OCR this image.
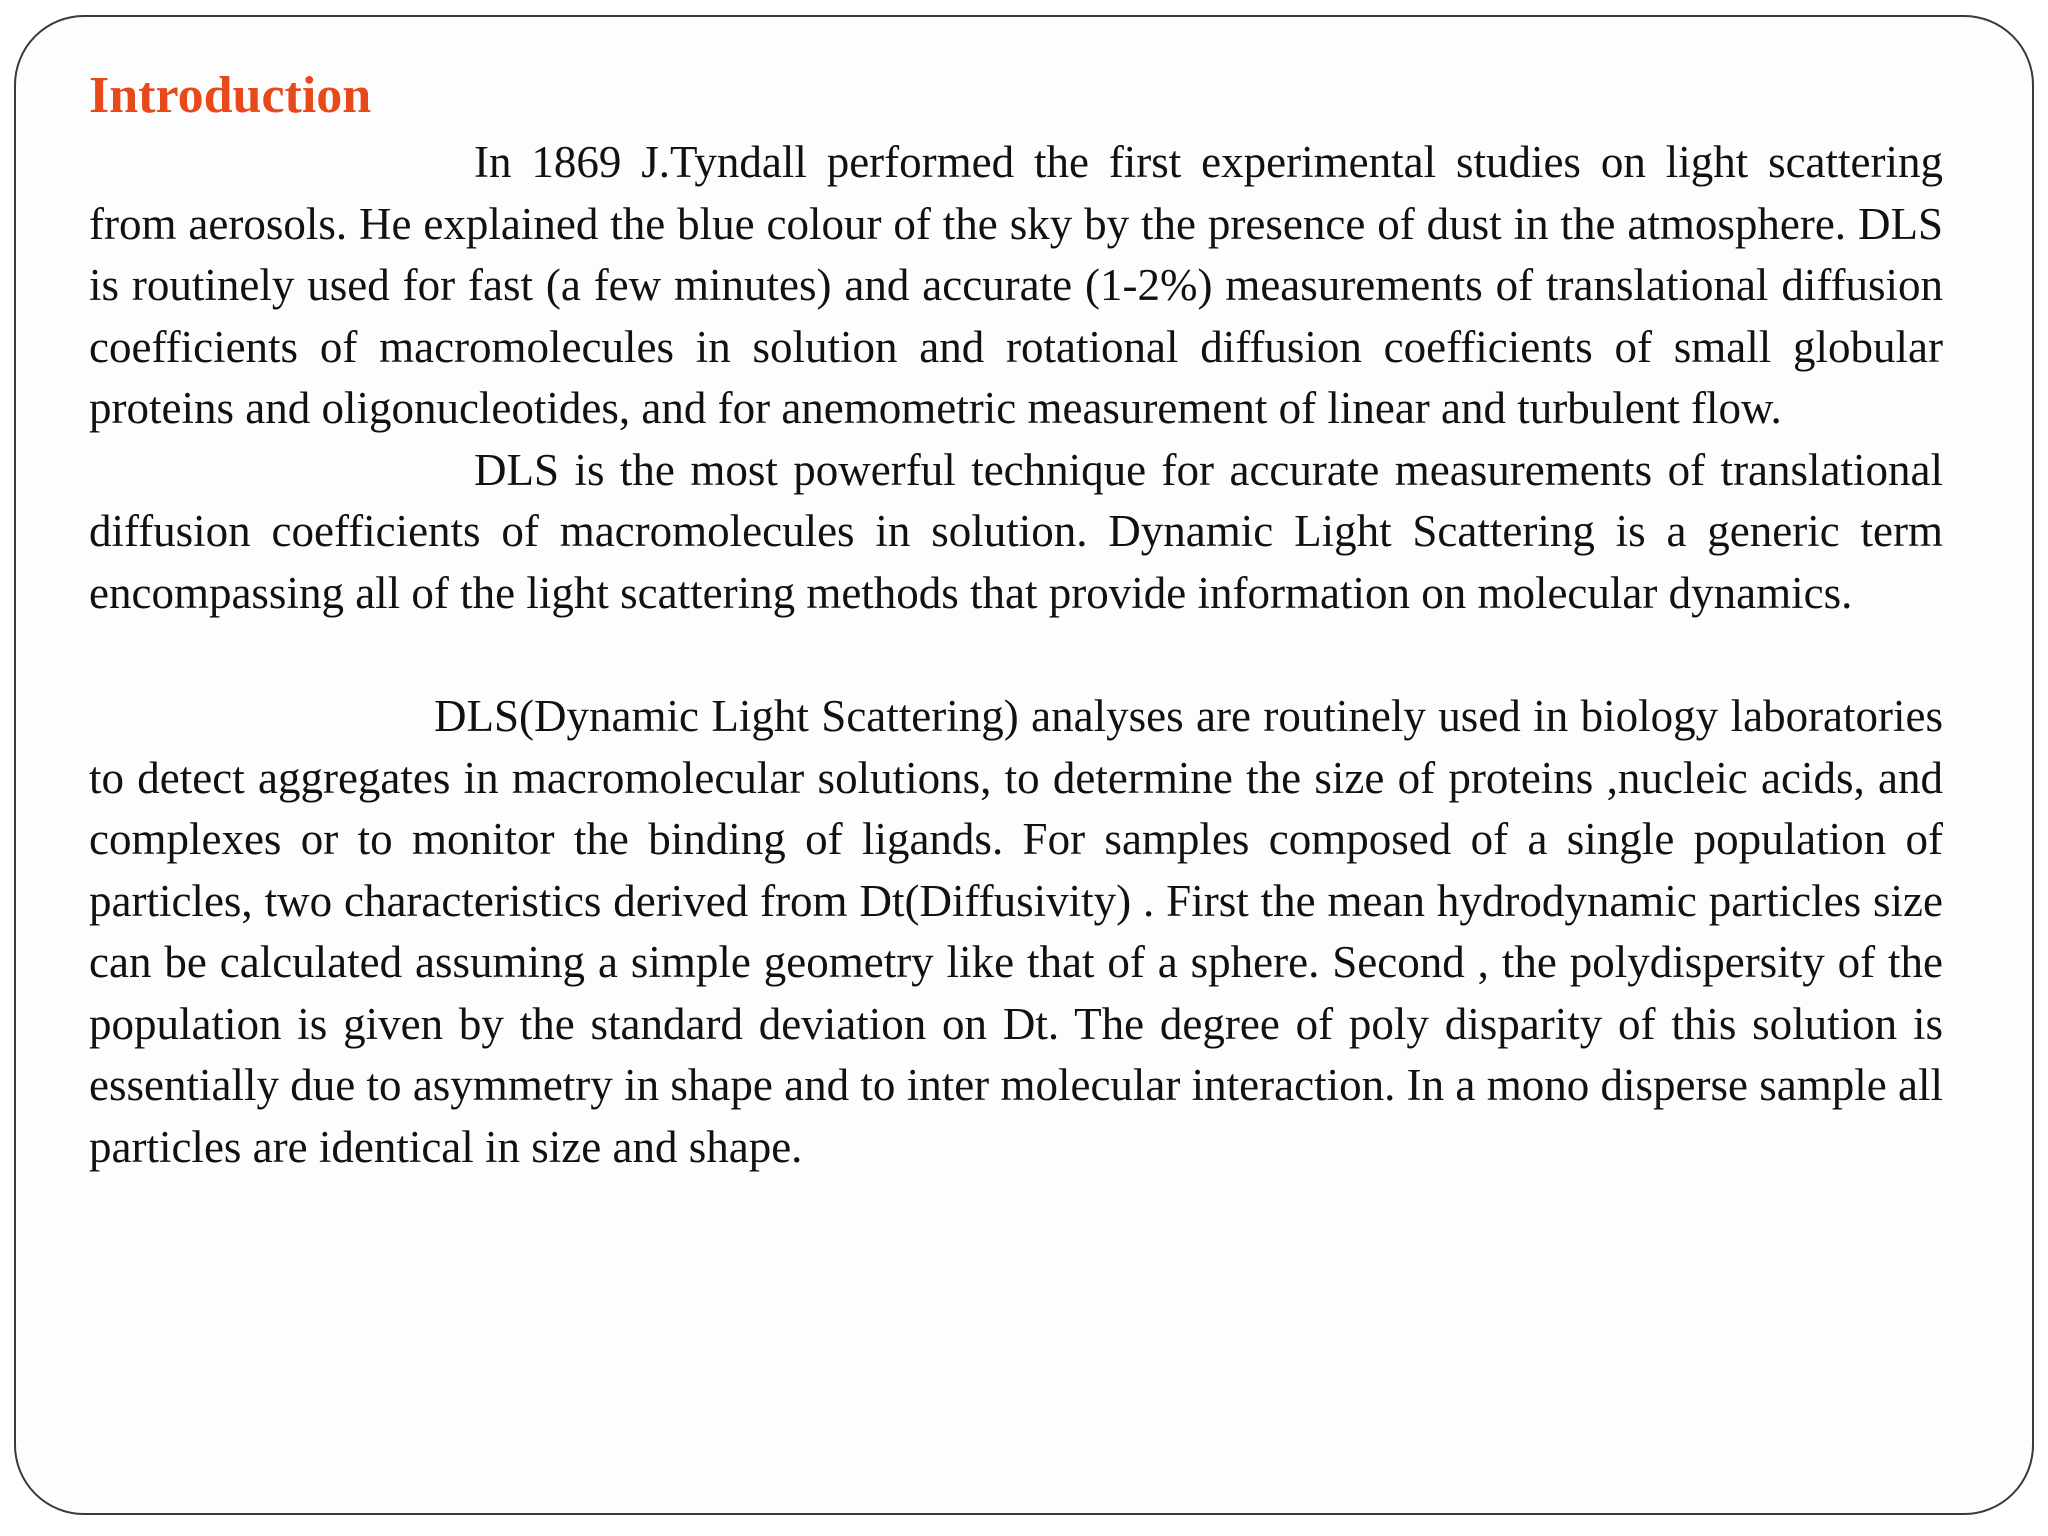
Introduction

In 1869 J.Tyndall performed the first experimental studies on light scattering from aerosols. He explained the blue colour of the sky by the presence of dust in the atmosphere. DLS is routinely used for fast (a few minutes) and accurate (1-2%) measurements of translational diffusion coefficients of macromolecules in solution and rotational diffusion coefficients of small globular proteins and oligonucleotides, and for anemometric measurement of linear and turbulent flow.

DLS is the most powerful technique for accurate measurements of translational diffusion coefficients of macromolecules in solution. Dynamic Light Scattering is a generic term encompassing all of the light scattering methods that provide information on molecular dynamics.

DLS(Dynamic Light Scattering) analyses are routinely used in biology laboratories to detect aggregates in macromolecular solutions, to determine the size of proteins ,nucleic acids, and complexes or to monitor the binding of ligands. For samples composed of a single population of particles, two characteristics derived from Dt(Diffusivity) . First the mean hydrodynamic particles size can be calculated assuming a simple geometry like that of a sphere. Second , the polydispersity of the population is given by the standard deviation on Dt. The degree of poly disparity of this solution is essentially due to asymmetry in shape and to inter molecular interaction. In a mono disperse sample all particles are identical in size and shape.
